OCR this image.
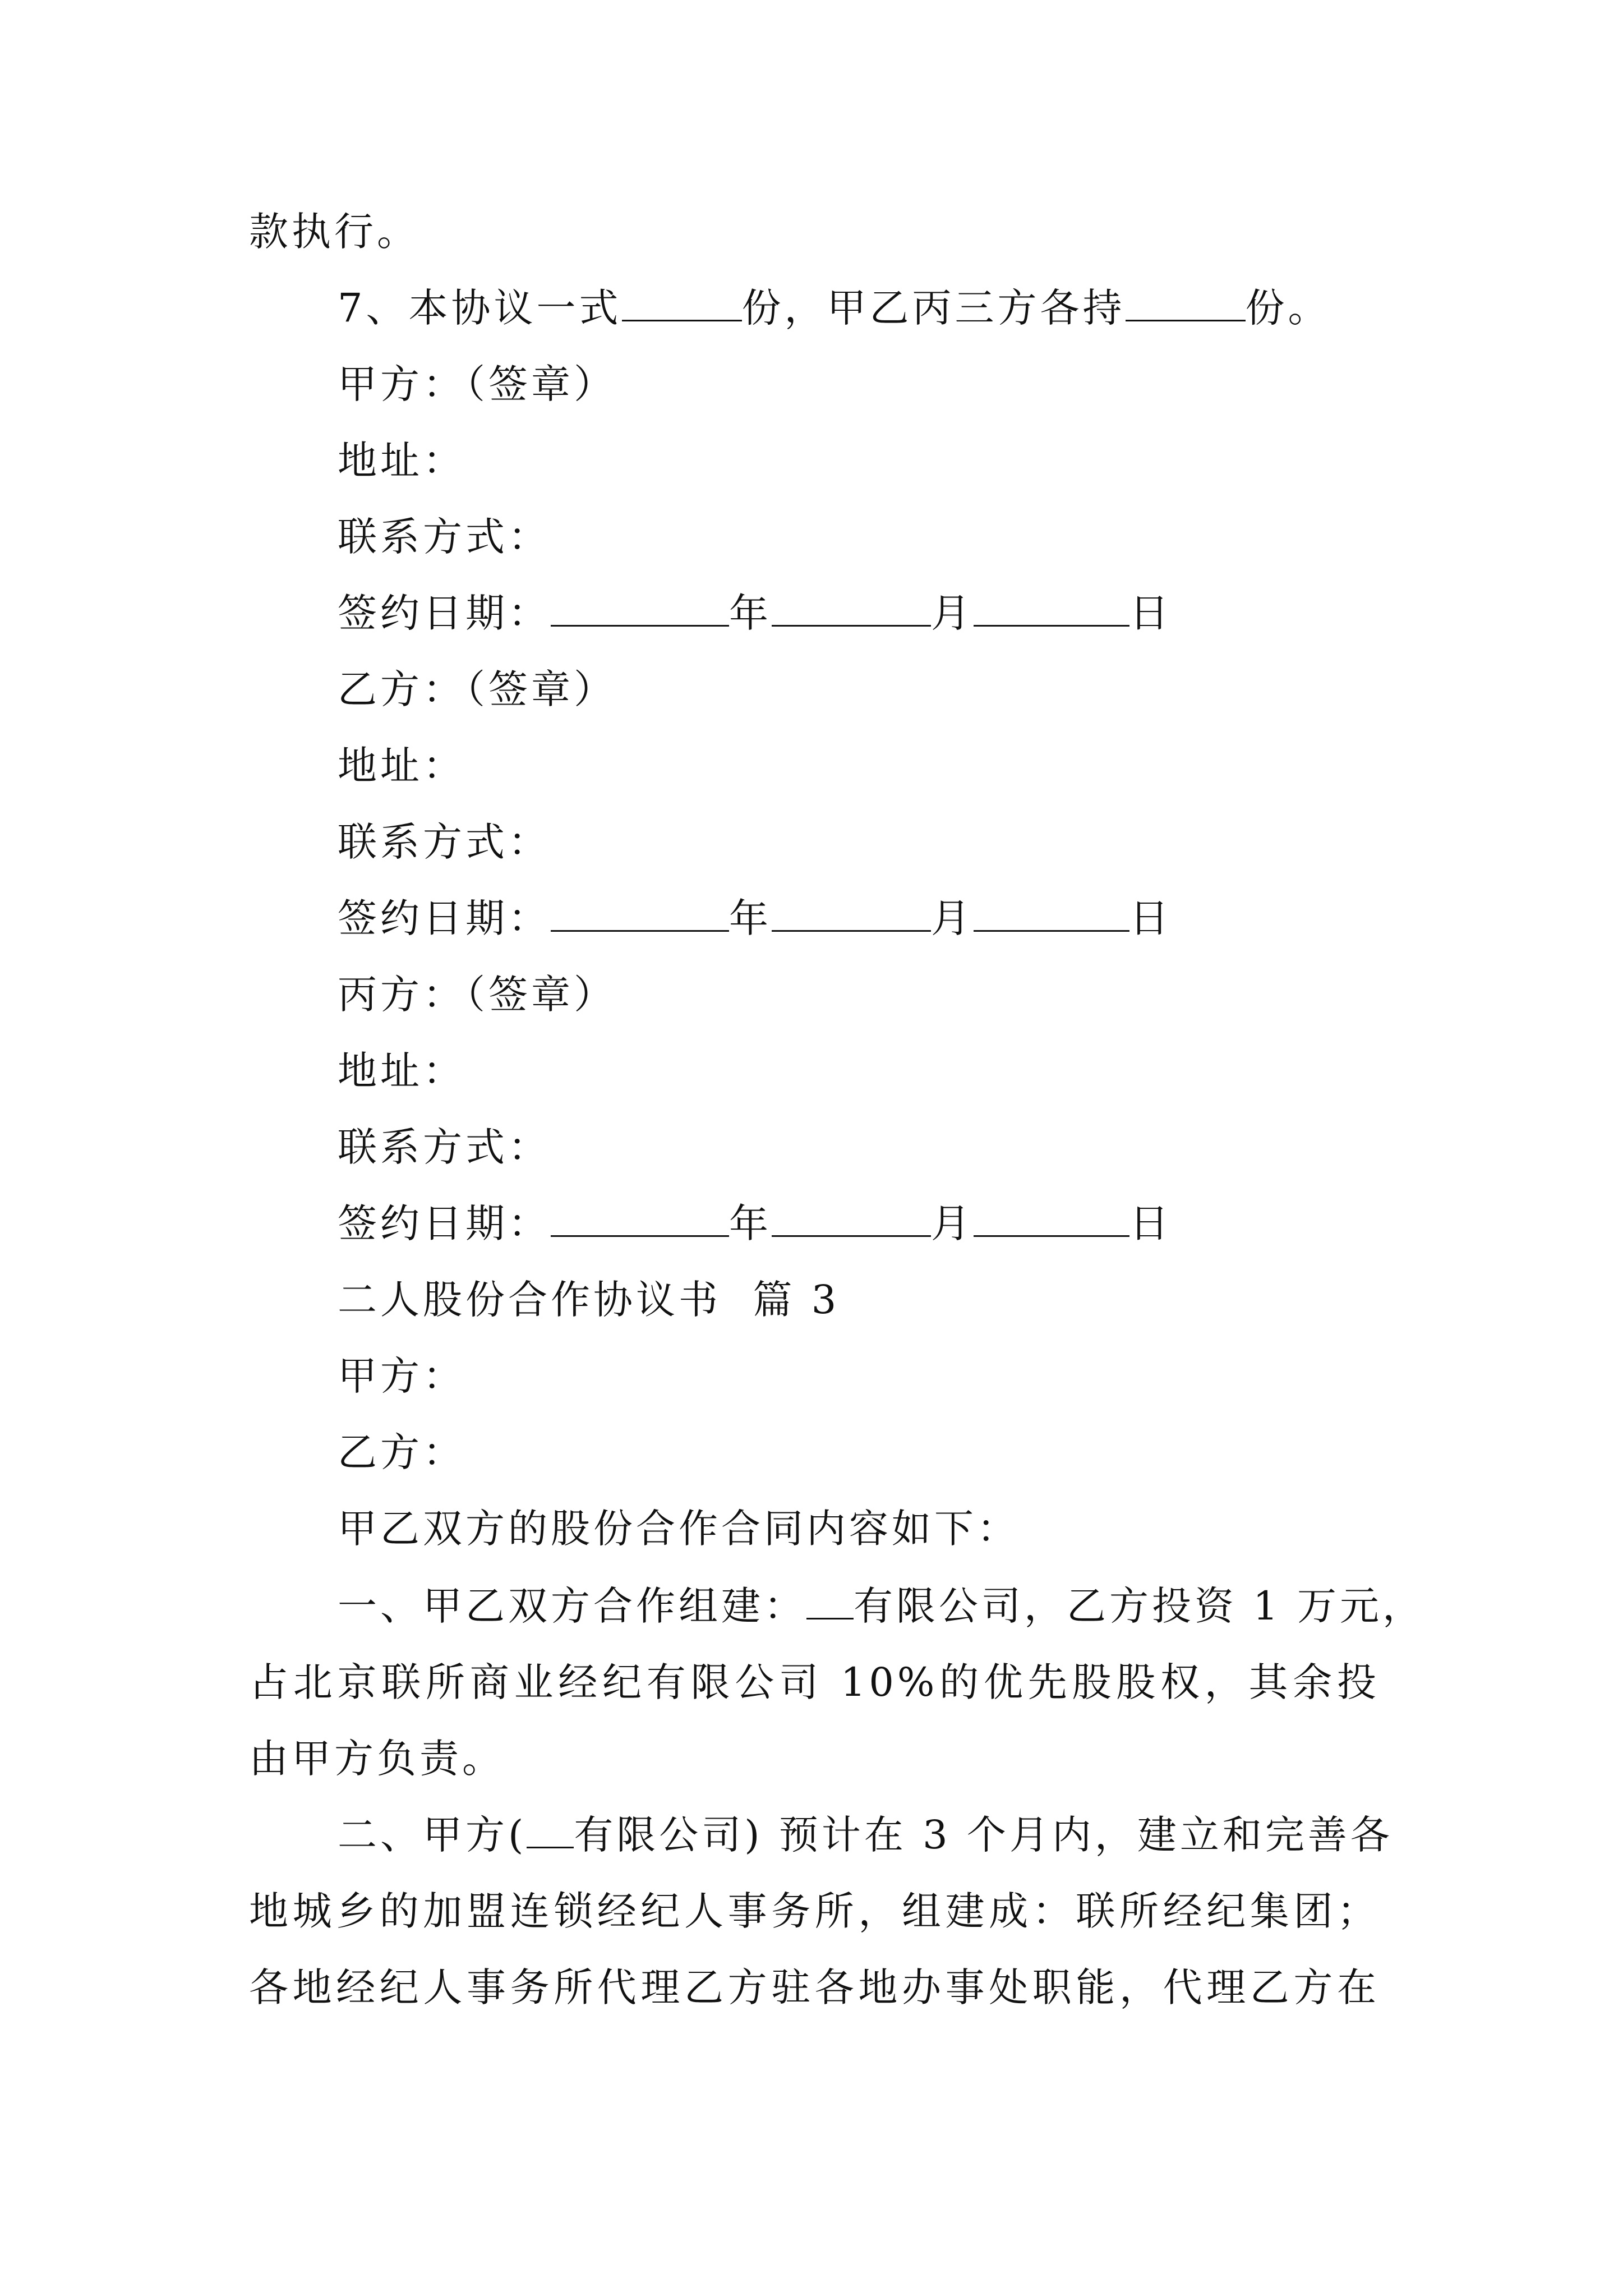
款执行。
7、本协议一式	份，甲乙丙三方各持	份。
甲方：（签章）
地址：
联系方式：
签约日期：	年	月	日
乙方：（签章）
地址：
联系方式：
签约日期：	年	月	日
丙方：（签章）
地址：
联系方式：
签约日期：	年	月	日
二人股份合作协议书  篇 3
甲方：
乙方：
甲乙双方的股份合作合同内容如下：
一、甲乙双方合作组建： 有限公司，乙方投资 1 万元，
占北京联所商业经纪有限公司 10%的优先股股权，其余投
由甲方负责。
二、甲方( 有限公司) 预计在 3 个月内，建立和完善各
地城乡的加盟连锁经纪人事务所，组建成：联所经纪集团；
各地经纪人事务所代理乙方驻各地办事处职能，代理乙方在
